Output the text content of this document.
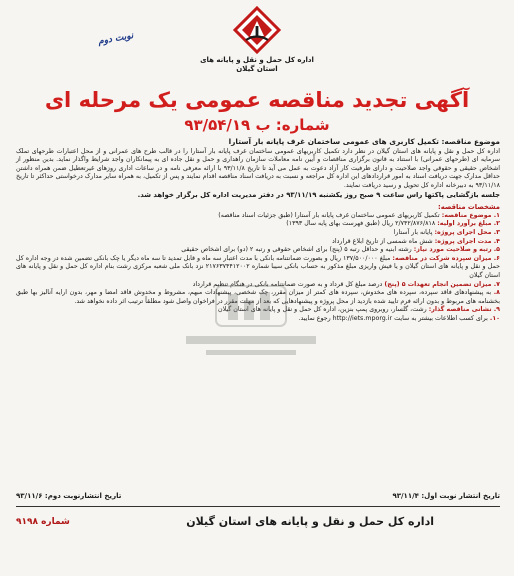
اداره کل حمل و نقل و پایانه های
استان گیلان
نوبت دوم
آگهی تجدید مناقصه عمومی یک مرحله ای
شماره: ب ۹۳/۵۴/۱۹
موضوع مناقصه: تکمیل کاربری های عمومی ساختمان غرف پایانه بار آستارا
اداره کل حمل و نقل و پایانه های استان گیلان در نظر دارد تکمیل کاربریهای عمومی ساختمان غرف پایانه بار آستارا را در قالب طرح های عمرانی و از محل اعتبارات طرحهای تملک سرمایه ای (طرحهای عمرانی) با استناد به قانون برگزاری مناقصات و آیین نامه معاملات سازمان راهداری و حمل و نقل جاده ای به پیمانکاران واجد شرایط واگذار نماید. بدین منظور از اشخاص حقیقی و حقوقی واجد صلاحیت و دارای ظرفیت کار آزاد دعوت به عمل می آید تا تاریخ ۹۳/۱۱/۸ با ارائه معرفی نامه و در ساعات اداری روزهای غیرتعطیل ضمن همراه داشتن حداقل مدارک جهت دریافت اسناد به امور قراردادهای این اداره کل مراجعه و نسبت به دریافت اسناد مناقصه اقدام نمایند و پس از تکمیل، به همراه سایر مدارک درخواستی حداکثر تا تاریخ ۹۳/۱۱/۱۸ به دبیرخانه اداره کل تحویل و رسید دریافت نمایند.
جلسه بازگشایی پاکتها راس ساعت ۹ صبح روز یکشنبه ۹۳/۱۱/۱۹ در دفتر مدیریت اداره کل برگزار خواهد شد.
مشخصات مناقصه:
۱. موضوع مناقصه: تکمیل کاربریهای عمومی ساختمان غرف پایانه بار آستارا (طبق جزئیات اسناد مناقصه)
۲. مبلغ برآورد اولیه: ۲/۷۴۲/۸۷۶/۸۱۸ ریال (طبق فهرست بهای پایه سال ۱۳۹۳)
۳. محل اجرای پروژه: پایانه بار آستارا
۴. مدت اجرای پروژه: شش ماه شمسی از تاریخ ابلاغ قرارداد
۵. رتبه و صلاحیت مورد نیاز: رشته ابنیه و حداقل رتبه ۵ (پنج) برای اشخاص حقوقی و رتبه ۲ (دو) برای اشخاص حقیقی
۶. میزان سپرده شرکت در مناقصه: مبلغ ۱۳۷/۵۰۰/۰۰۰ ریال و بصورت ضمانتنامه بانکی با مدت اعتبار سه ماه و قابل تمدید تا سه ماه دیگر یا چک بانکی تضمین شده در وجه اداره کل حمل و نقل و پایانه های استان گیلان و یا فیش واریزی مبلغ مذکور به حساب بانکی سیبا شماره ۲۱۷۶۳۷۴۴۱۲۰۰۲ نزد بانک ملی شعبه مرکزی رشت بنام اداره کل حمل و نقل و پایانه های استان گیلان
۷. میزان تضمین انجام تعهدات ۵ (پنج) درصد مبلغ کل قرداد و به صورت ضمانتنامه بانکی در هنگام تنظیم قرارداد
۸. به پیشنهادهای فاقد سپرده، سپرده های مخدوش، سپرده های کمتر از میزان مقرر، چک شخصی، پیشنهادات مبهم، مشروط و مخدوش فاقد امضا و مهر، بدون ارایه آنالیز بها طبق بخشنامه های مربوط و بدون ارائه فرم تایید شده بازدید از محل پروژه و پیشنهادهایی که بعد از مهلت مقرر در فراخوان واصل شود مطلقاً ترتیب اثر داده نخواهد شد.
۹. نشانی مناقصه گذار: رشت، گلسار، روبروی پمپ بنزین، اداره کل حمل و نقل و پایانه های استان گیلان
۱۰. برای کسب اطلاعات بیشتر به سایت http://iets.mporg.ir رجوع نمایید.
تاریخ انتشار نوبت اول: ۹۳/۱۱/۴
تاریخ انتشارنوبت دوم: ۹۳/۱۱/۶
اداره کل حمل و نقل و پایانه های استان گیلان
شماره ۹۱۹۸
